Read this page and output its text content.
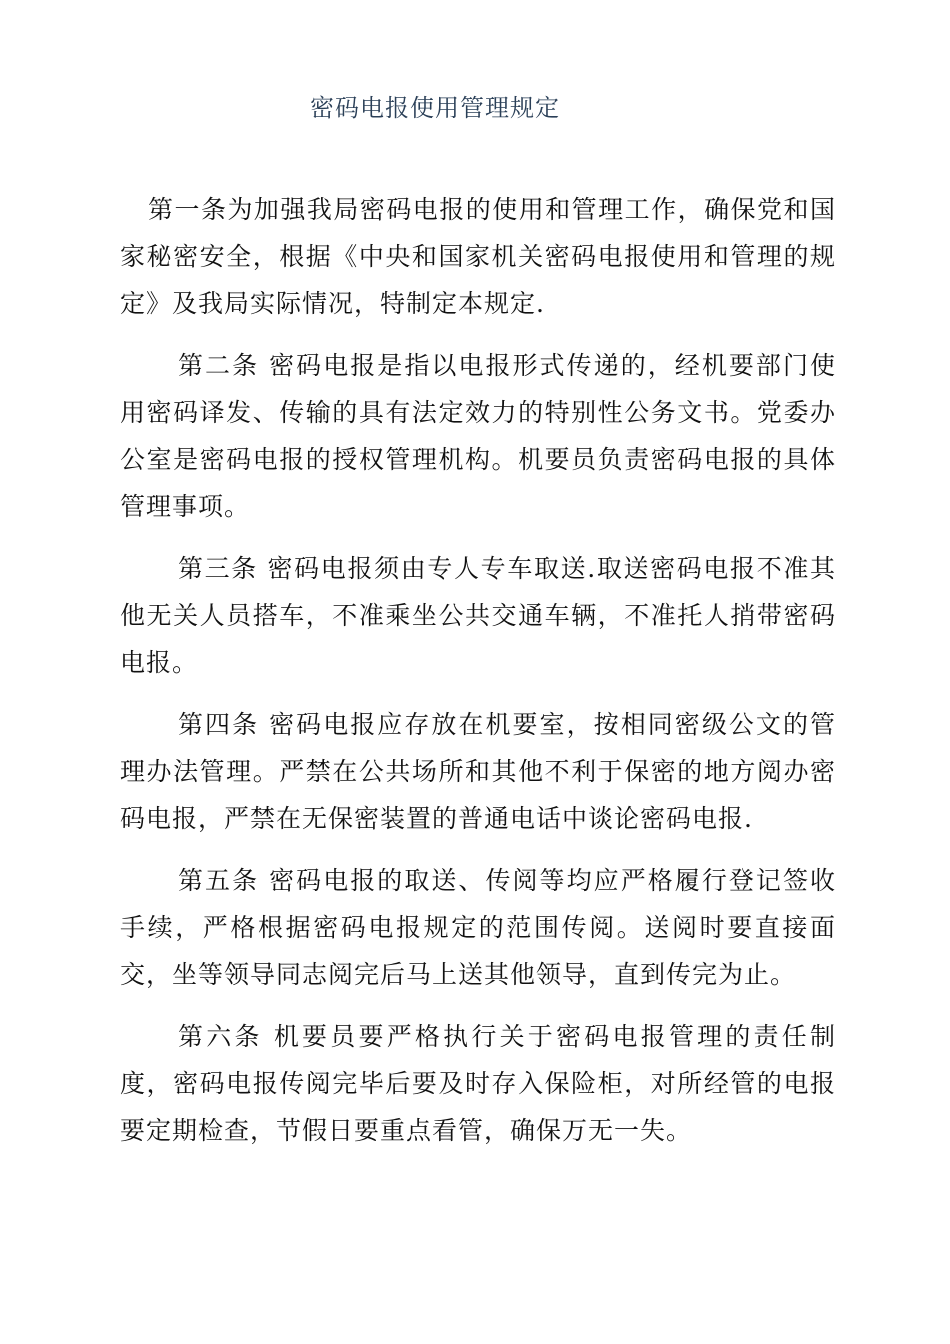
密码电报使用管理规定

第一条为加强我局密码电报的使用和管理工作，确保党和国家秘密安全，根据《中央和国家机关密码电报使用和管理的规定》及我局实际情况，特制定本规定.

第二条 密码电报是指以电报形式传递的，经机要部门使用密码译发、传输的具有法定效力的特别性公务文书。党委办公室是密码电报的授权管理机构。机要员负责密码电报的具体管理事项。

第三条 密码电报须由专人专车取送.取送密码电报不准其他无关人员搭车，不准乘坐公共交通车辆，不准托人捎带密码电报。

第四条 密码电报应存放在机要室，按相同密级公文的管理办法管理。严禁在公共场所和其他不利于保密的地方阅办密码电报，严禁在无保密装置的普通电话中谈论密码电报.

第五条 密码电报的取送、传阅等均应严格履行登记签收手续，严格根据密码电报规定的范围传阅。送阅时要直接面交，坐等领导同志阅完后马上送其他领导，直到传完为止。

第六条 机要员要严格执行关于密码电报管理的责任制度，密码电报传阅完毕后要及时存入保险柜，对所经管的电报要定期检查，节假日要重点看管，确保万无一失。
